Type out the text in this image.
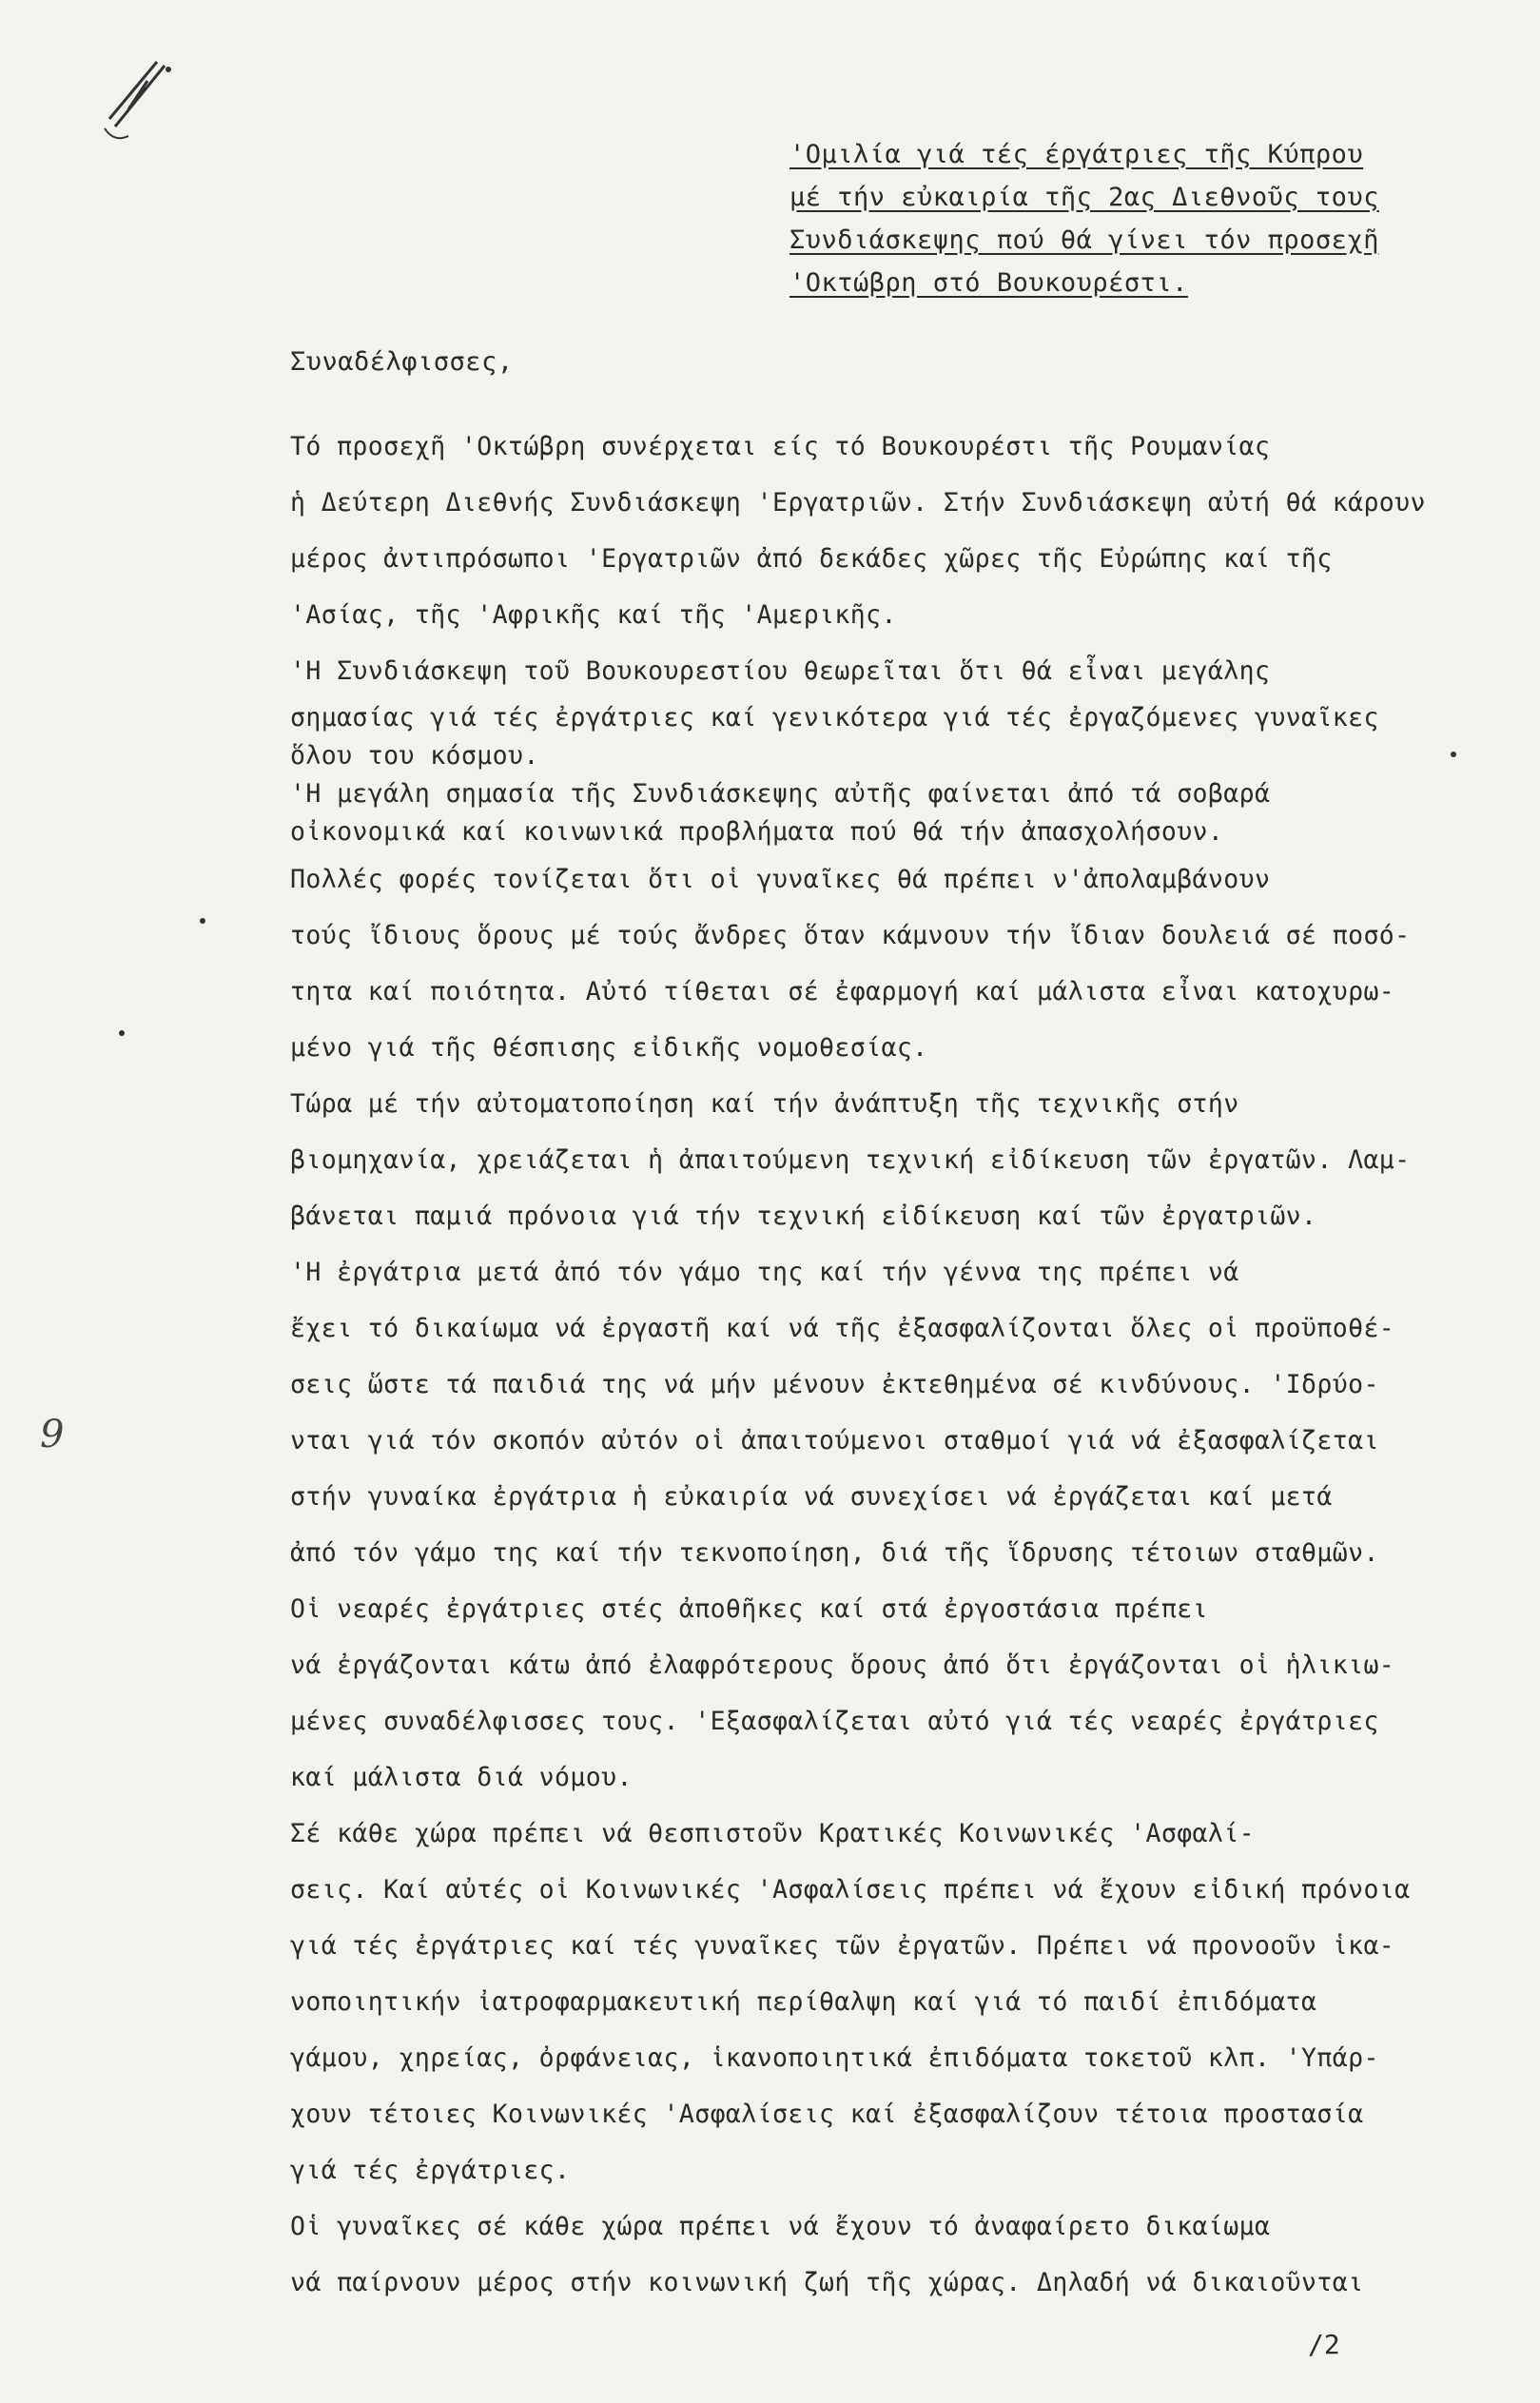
'Ομιλία γιά τές έργάτριες τῆς Κύπρου
μέ τήν εὐκαιρία τῆς 2ας Διεθνοῦς τους
Συνδιάσκεψης πού θά γίνει τόν προσεχῆ
'Οκτώβρη στό Βουκουρέστι.
Συναδέλφισσες,
Τό προσεχῆ 'Οκτώβρη συνέρχεται είς τό Βουκουρέστι τῆς Ρουμανίας
ἡ Δεύτερη Διεθνής Συνδιάσκεψη 'Εργατριῶν. Στήν Συνδιάσκεψη αὐτή θά κάρουν
μέρος ἀντιπρόσωποι 'Εργατριῶν ἀπό δεκάδες χῶρες τῆς Εὐρώπης καί τῆς
'Ασίας, τῆς 'Αφρικῆς καί τῆς 'Αμερικῆς.
'Η Συνδιάσκεψη τοῦ Βουκουρεστίου θεωρεῖται ὅτι θά εἶναι μεγάλης
σημασίας γιά τές ἐργάτριες καί γενικότερα γιά τές ἐργαζόμενες γυναῖκες
ὅλου του κόσμου.
'Η μεγάλη σημασία τῆς Συνδιάσκεψης αὐτῆς φαίνεται ἀπό τά σοβαρά
οἰκονομικά καί κοινωνικά προβλήματα πού θά τήν ἀπασχολήσουν.
Πολλές φορές τονίζεται ὅτι οἱ γυναῖκες θά πρέπει ν'ἀπολαμβάνουν
τούς ἴδιους ὅρους μέ τούς ἄνδρες ὅταν κάμνουν τήν ἴδιαν δουλειά σέ ποσό-
τητα καί ποιότητα. Αὐτό τίθεται σέ ἐφαρμογή καί μάλιστα εἶναι κατοχυρω-
μένο γιά τῆς θέσπισης εἰδικῆς νομοθεσίας.
Τώρα μέ τήν αὐτοματοποίηση καί τήν ἀνάπτυξη τῆς τεχνικῆς στήν
βιομηχανία, χρειάζεται ἡ ἀπαιτούμενη τεχνική εἰδίκευση τῶν ἐργατῶν. Λαμ-
βάνεται παμιά πρόνοια γιά τήν τεχνική εἰδίκευση καί τῶν ἐργατριῶν.
'Η ἐργάτρια μετά ἀπό τόν γάμο της καί τήν γέννα της πρέπει νά
ἔχει τό δικαίωμα νά ἐργαστῆ καί νά τῆς ἐξασφαλίζονται ὅλες οἱ προϋποθέ-
σεις ὥστε τά παιδιά της νά μήν μένουν ἐκτεθημένα σέ κινδύνους. 'Ιδρύο-
νται γιά τόν σκοπόν αὐτόν οἱ ἀπαιτούμενοι σταθμοί γιά νά ἐξασφαλίζεται
στήν γυναίκα ἐργάτρια ἡ εὐκαιρία νά συνεχίσει νά ἐργάζεται καί μετά
ἀπό τόν γάμο της καί τήν τεκνοποίηση, διά τῆς ἵδρυσης τέτοιων σταθμῶν.
Οἱ νεαρές ἐργάτριες στές ἀποθῆκες καί στά ἐργοστάσια πρέπει
νά ἐργάζονται κάτω ἀπό ἐλαφρότερους ὅρους ἀπό ὅτι ἐργάζονται οἱ ἡλικιω-
μένες συναδέλφισσες τους. 'Εξασφαλίζεται αὐτό γιά τές νεαρές ἐργάτριες
καί μάλιστα διά νόμου.
Σέ κάθε χώρα πρέπει νά θεσπιστοῦν Κρατικές Κοινωνικές 'Ασφαλί-
σεις. Καί αὐτές οἱ Κοινωνικές 'Ασφαλίσεις πρέπει νά ἔχουν εἰδική πρόνοια
γιά τές ἐργάτριες καί τές γυναῖκες τῶν ἐργατῶν. Πρέπει νά προνοοῦν ἱκα-
νοποιητικήν ἰατροφαρμακευτική περίθαλψη καί γιά τό παιδί ἐπιδόματα
γάμου, χηρείας, ὀρφάνειας, ἱκανοποιητικά ἐπιδόματα τοκετοῦ κλπ. 'Υπάρ-
χουν τέτοιες Κοινωνικές 'Ασφαλίσεις καί ἐξασφαλίζουν τέτοια προστασία
γιά τές ἐργάτριες.
Οἱ γυναῖκες σέ κάθε χώρα πρέπει νά ἔχουν τό ἀναφαίρετο δικαίωμα
νά παίρνουν μέρος στήν κοινωνική ζωή τῆς χώρας. Δηλαδή νά δικαιοῦνται
9
/2
